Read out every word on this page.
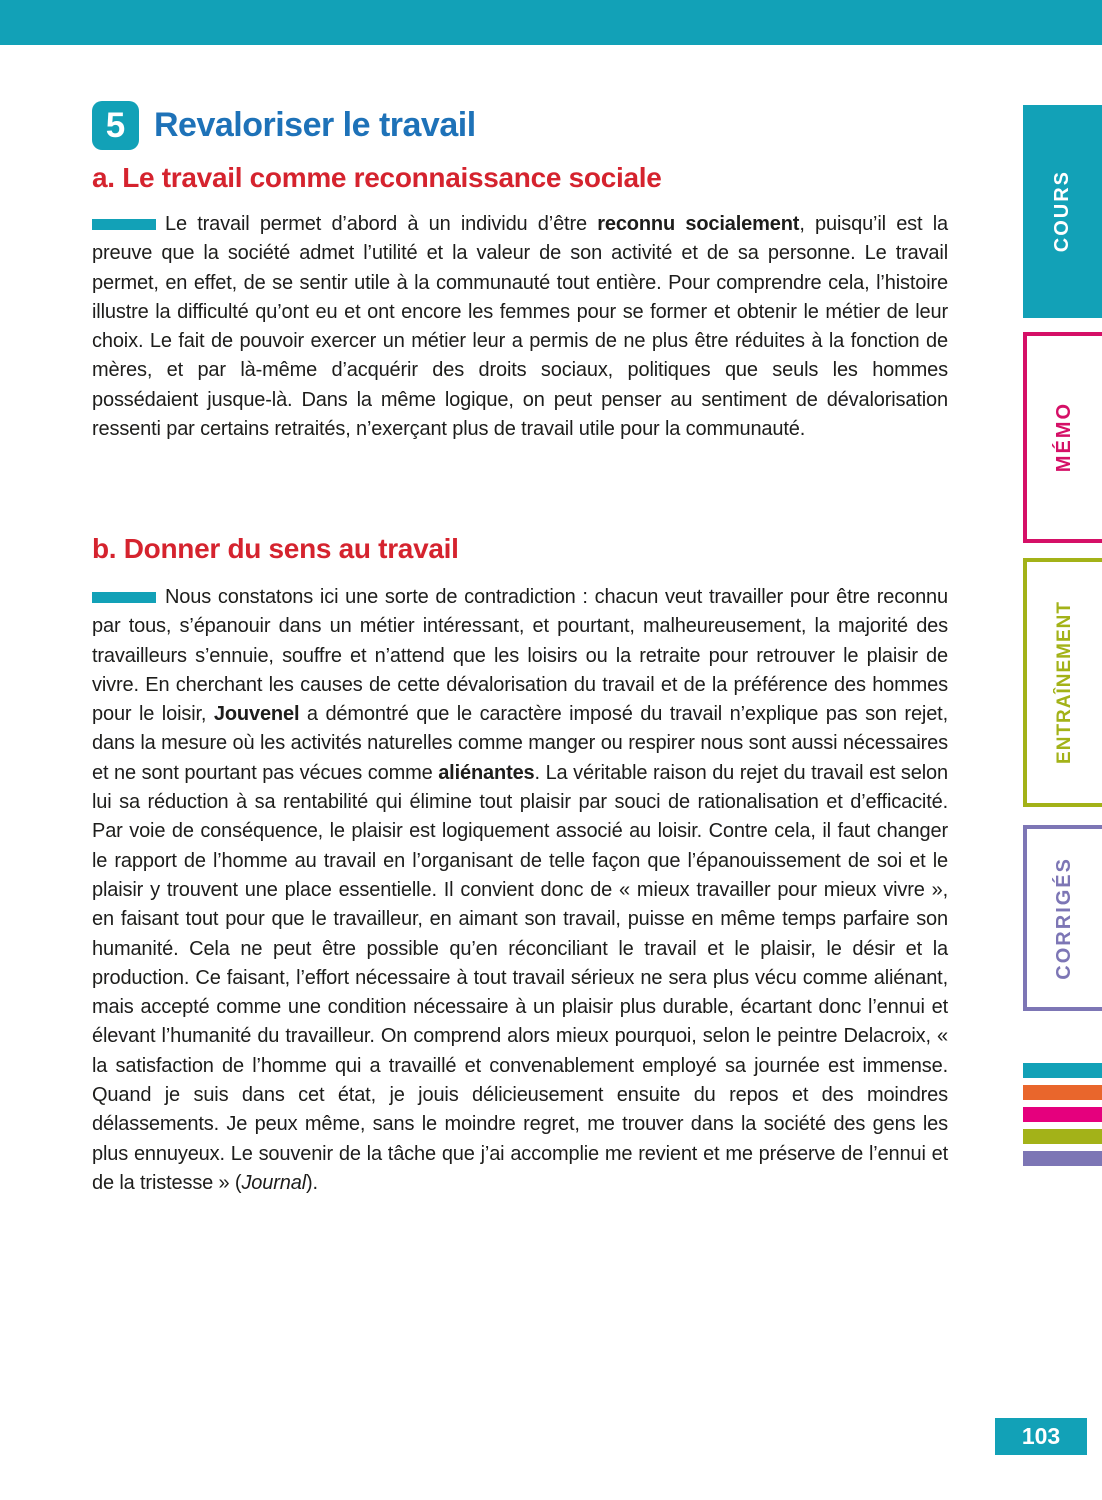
5 Revaloriser le travail
a. Le travail comme reconnaissance sociale
Le travail permet d’abord à un individu d’être reconnu socialement, puisqu’il est la preuve que la société admet l’utilité et la valeur de son activité et de sa personne. Le travail permet, en effet, de se sentir utile à la communauté tout entière. Pour comprendre cela, l’histoire illustre la difficulté qu’ont eu et ont encore les femmes pour se former et obtenir le métier de leur choix. Le fait de pouvoir exercer un métier leur a permis de ne plus être réduites à la fonction de mères, et par là-même d’acquérir des droits sociaux, politiques que seuls les hommes possédaient jusque-là. Dans la même logique, on peut penser au sentiment de dévalorisation ressenti par certains retraités, n’exerçant plus de travail utile pour la communauté.
b. Donner du sens au travail
Nous constatons ici une sorte de contradiction : chacun veut travailler pour être reconnu par tous, s’épanouir dans un métier intéressant, et pourtant, malheureusement, la majorité des travailleurs s’ennuie, souffre et n’attend que les loisirs ou la retraite pour retrouver le plaisir de vivre. En cherchant les causes de cette dévalorisation du travail et de la préférence des hommes pour le loisir, Jouvenel a démontré que le caractère imposé du travail n’explique pas son rejet, dans la mesure où les activités naturelles comme manger ou respirer nous sont aussi nécessaires et ne sont pourtant pas vécues comme aliénantes. La véritable raison du rejet du travail est selon lui sa réduction à sa rentabilité qui élimine tout plaisir par souci de rationalisation et d’efficacité. Par voie de conséquence, le plaisir est logiquement associé au loisir. Contre cela, il faut changer le rapport de l’homme au travail en l’organisant de telle façon que l’épanouissement de soi et le plaisir y trouvent une place essentielle. Il convient donc de « mieux travailler pour mieux vivre », en faisant tout pour que le travailleur, en aimant son travail, puisse en même temps parfaire son humanité. Cela ne peut être possible qu’en réconciliant le travail et le plaisir, le désir et la production. Ce faisant, l’effort nécessaire à tout travail sérieux ne sera plus vécu comme aliénant, mais accepté comme une condition nécessaire à un plaisir plus durable, écartant donc l’ennui et élevant l’humanité du travailleur. On comprend alors mieux pourquoi, selon le peintre Delacroix, « la satisfaction de l’homme qui a travaillé et convenablement employé sa journée est immense. Quand je suis dans cet état, je jouis délicieusement ensuite du repos et des moindres délassements. Je peux même, sans le moindre regret, me trouver dans la société des gens les plus ennuyeux. Le souvenir de la tâche que j’ai accomplie me revient et me préserve de l’ennui et de la tristesse » (Journal).
COURS
MÉMO
ENTRAÎNEMENT
CORRIGÉS
103
